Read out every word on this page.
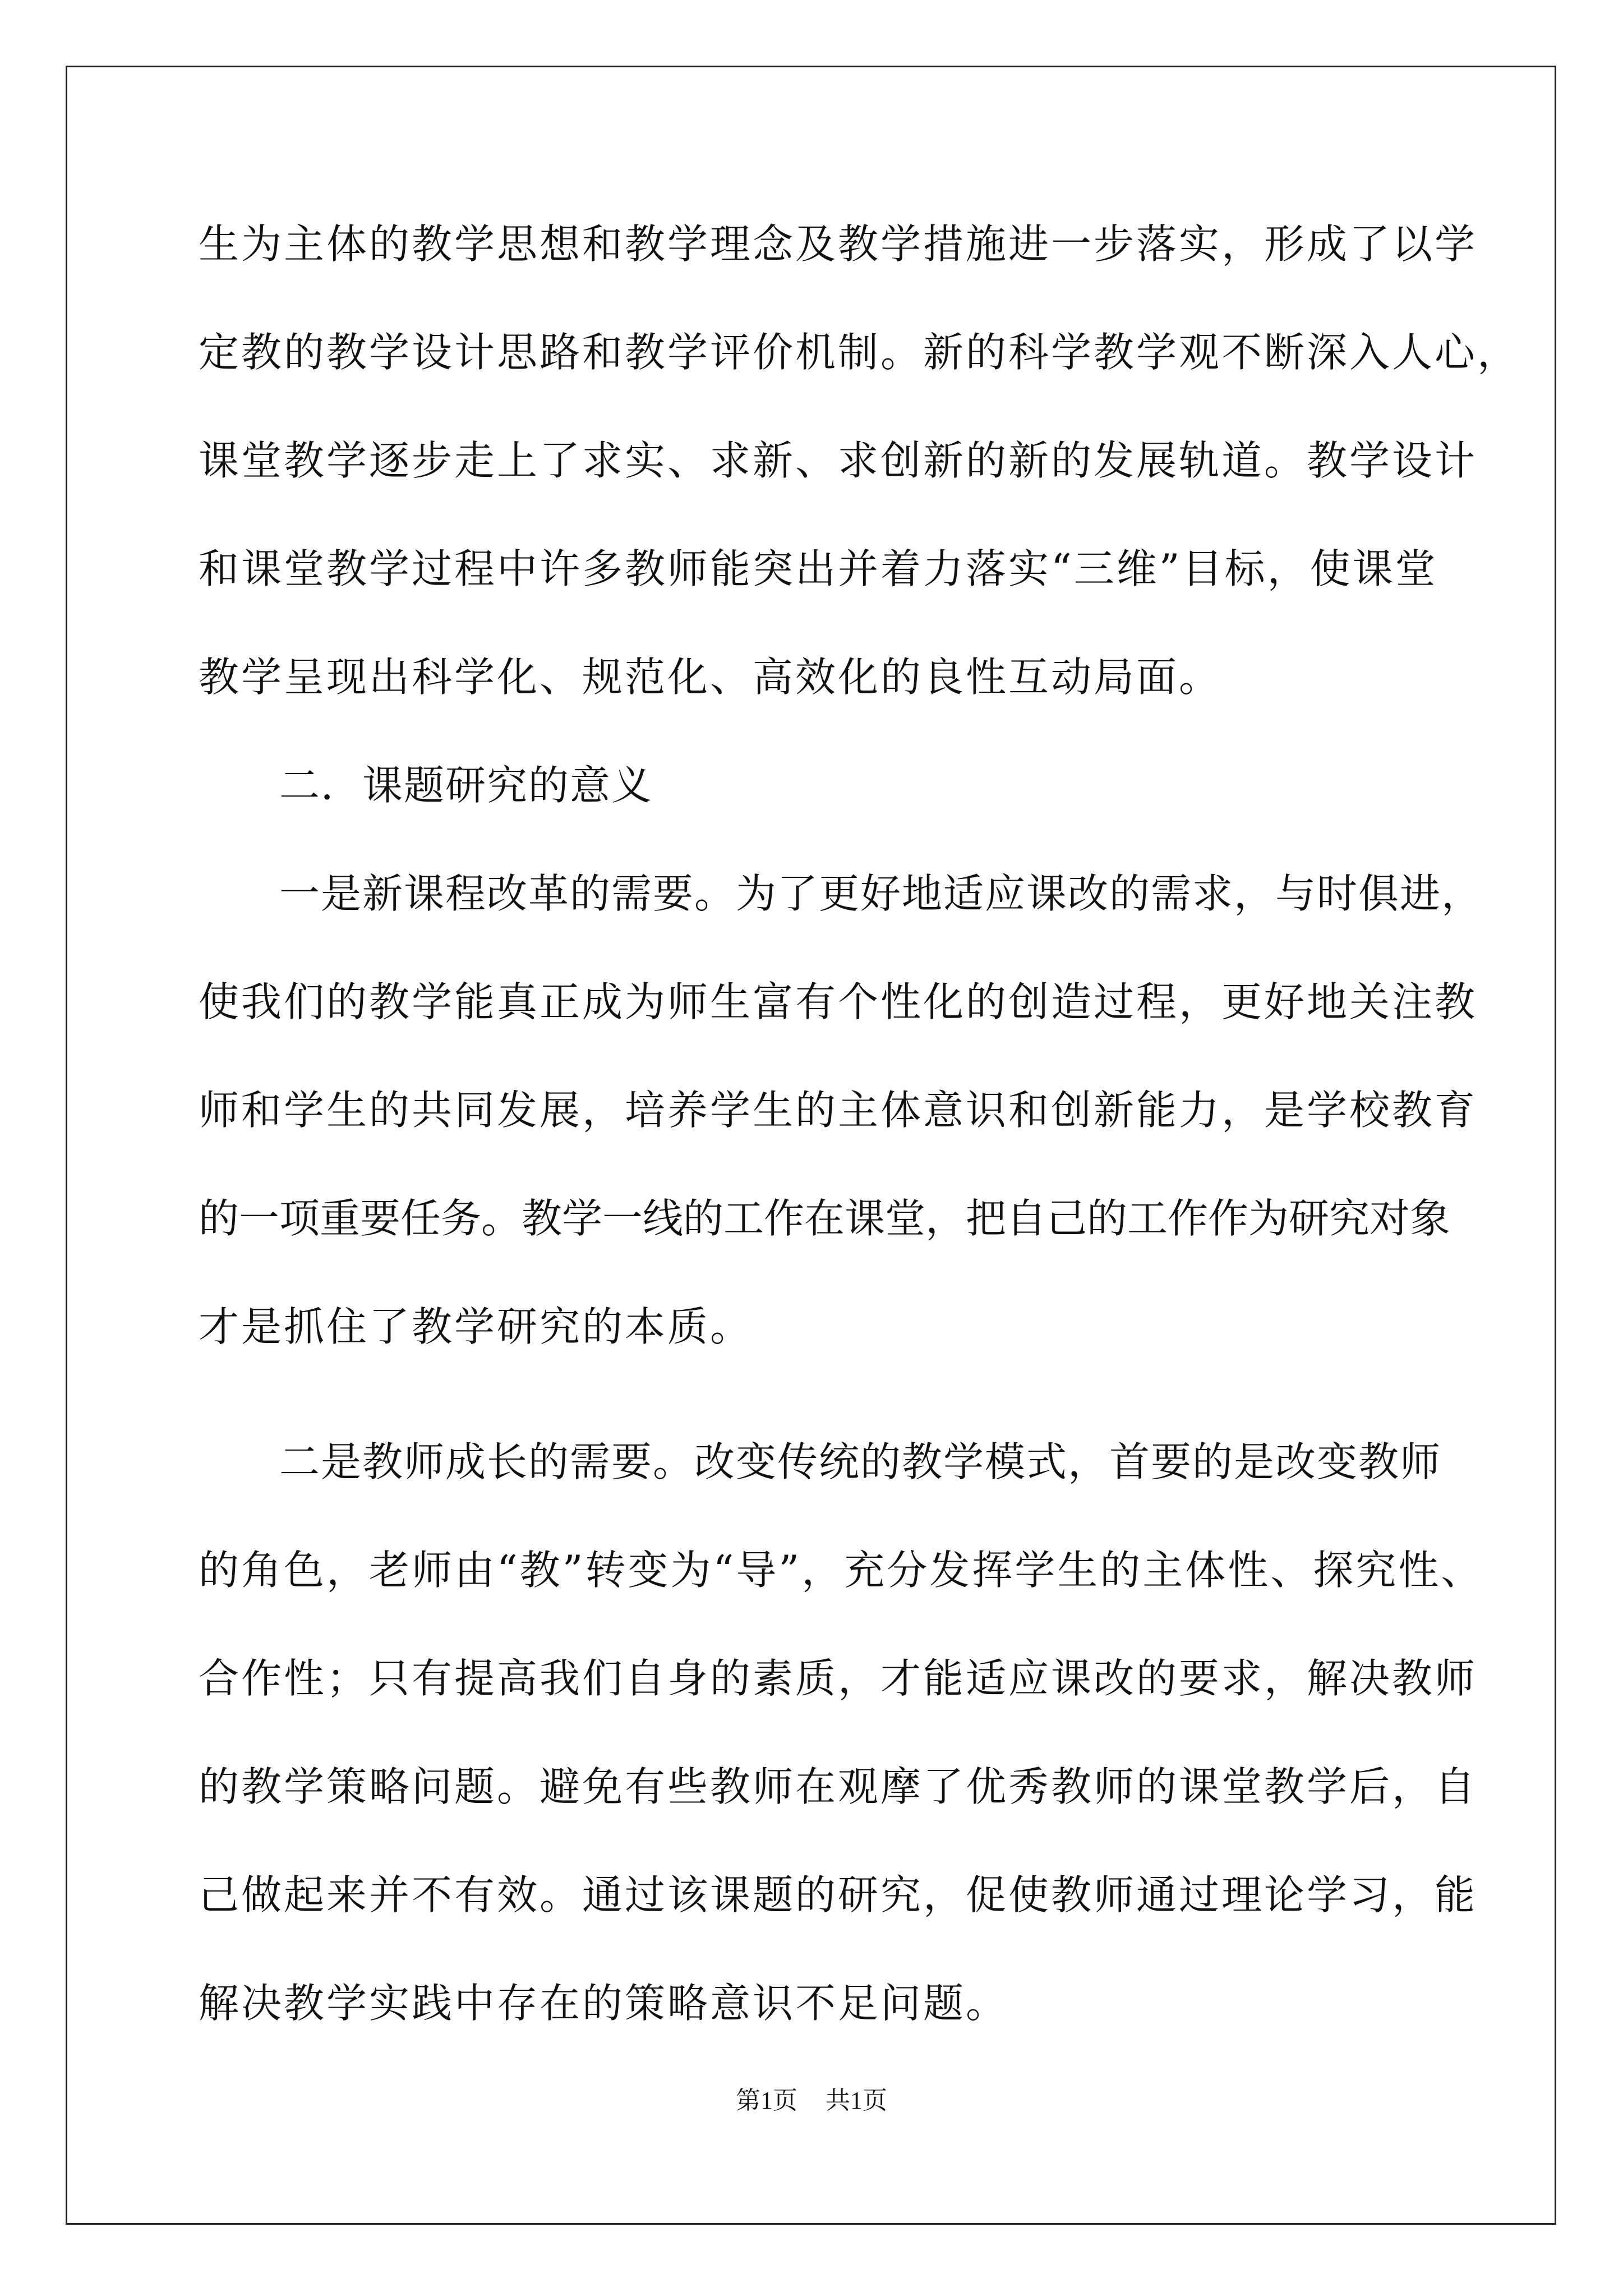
生为主体的教学思想和教学理念及教学措施进一步落实，形成了以学
定教的教学设计思路和教学评价机制。新的科学教学观不断深入人心，
课堂教学逐步走上了求实、求新、求创新的新的发展轨道。教学设计
和课堂教学过程中许多教师能突出并着力落实“三维”目标，使课堂
教学呈现出科学化、规范化、高效化的良性互动局面。
二．课题研究的意义
一是新课程改革的需要。为了更好地适应课改的需求，与时俱进，
使我们的教学能真正成为师生富有个性化的创造过程，更好地关注教
师和学生的共同发展，培养学生的主体意识和创新能力，是学校教育
的一项重要任务。教学一线的工作在课堂，把自己的工作作为研究对象
才是抓住了教学研究的本质。
二是教师成长的需要。改变传统的教学模式，首要的是改变教师
的角色，老师由“教”转变为“导”，充分发挥学生的主体性、探究性、
合作性；只有提高我们自身的素质，才能适应课改的要求，解决教师
的教学策略问题。避免有些教师在观摩了优秀教师的课堂教学后，自
己做起来并不有效。通过该课题的研究，促使教师通过理论学习，能
解决教学实践中存在的策略意识不足问题。
第1页 共1页
